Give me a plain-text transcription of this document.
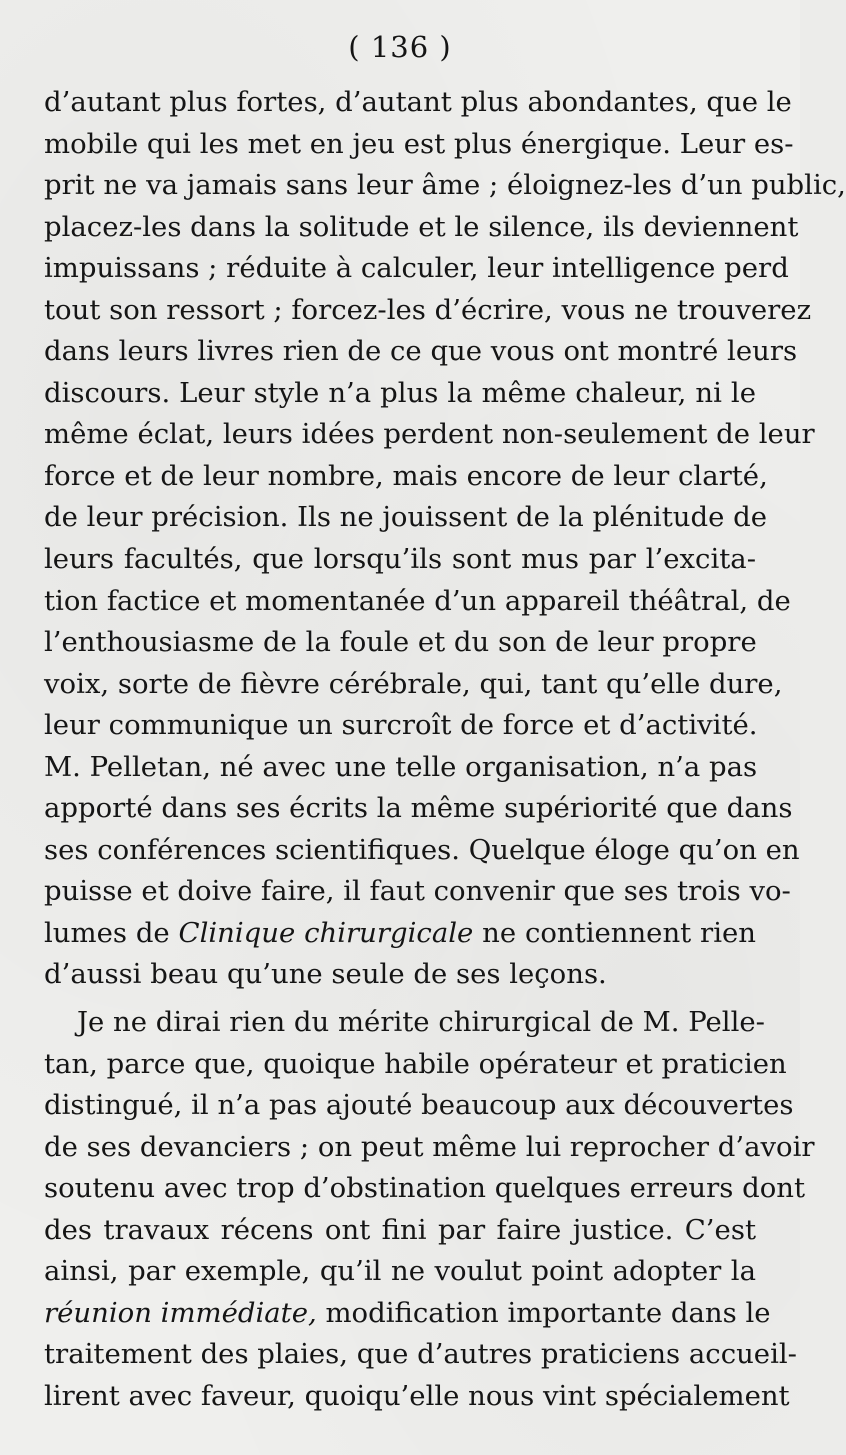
( 136 )
d’autant plus fortes, d’autant plus abondantes, que le
mobile qui les met en jeu est plus énergique. Leur es-
prit ne va jamais sans leur âme ; éloignez-les d’un public,
placez-les dans la solitude et le silence, ils deviennent
impuissans ; réduite à calculer, leur intelligence perd
tout son ressort ; forcez-les d’écrire, vous ne trouverez
dans leurs livres rien de ce que vous ont montré leurs
discours. Leur style n’a plus la même chaleur, ni le
même éclat, leurs idées perdent non-seulement de leur
force et de leur nombre, mais encore de leur clarté,
de leur précision. Ils ne jouissent de la plénitude de
leurs facultés, que lorsqu’ils sont mus par l’excita-
tion factice et momentanée d’un appareil théâtral, de
l’enthousiasme de la foule et du son de leur propre
voix, sorte de fièvre cérébrale, qui, tant qu’elle dure,
leur communique un surcroît de force et d’activité.
M. Pelletan, né avec une telle organisation, n’a pas
apporté dans ses écrits la même supériorité que dans
ses conférences scientifiques. Quelque éloge qu’on en
puisse et doive faire, il faut convenir que ses trois vo-
lumes de Clinique chirurgicale ne contiennent rien
d’aussi beau qu’une seule de ses leçons.
Je ne dirai rien du mérite chirurgical de M. Pelle-
tan, parce que, quoique habile opérateur et praticien
distingué, il n’a pas ajouté beaucoup aux découvertes
de ses devanciers ; on peut même lui reprocher d’avoir
soutenu avec trop d’obstination quelques erreurs dont
des travaux récens ont fini par faire justice. C’est
ainsi, par exemple, qu’il ne voulut point adopter la
réunion immédiate, modification importante dans le
traitement des plaies, que d’autres praticiens accueil-
lirent avec faveur, quoiqu’elle nous vint spécialement
